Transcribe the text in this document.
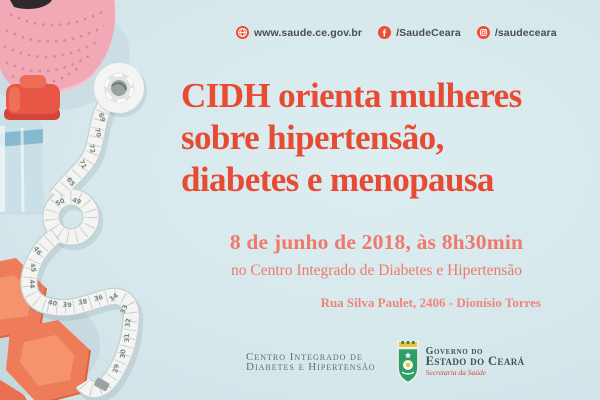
69
70
72
71
65
50 49
46
45
44
40 39 38 36 34
33
32
31
30
29
www.saude.ce.gov.br	/SaudeCeara	/saudeceara
CIDH orienta mulheres
sobre hipertensão,
diabetes e menopausa
8 de junho de 2018, às 8h30min
no Centro Integrado de Diabetes e Hipertensão
Rua Silva Paulet, 2406 - Dionísio Torres
Centro Integrado de
Diabetes e Hipertensão
Governo do
Estado do Ceará
Secretaria da Saúde
